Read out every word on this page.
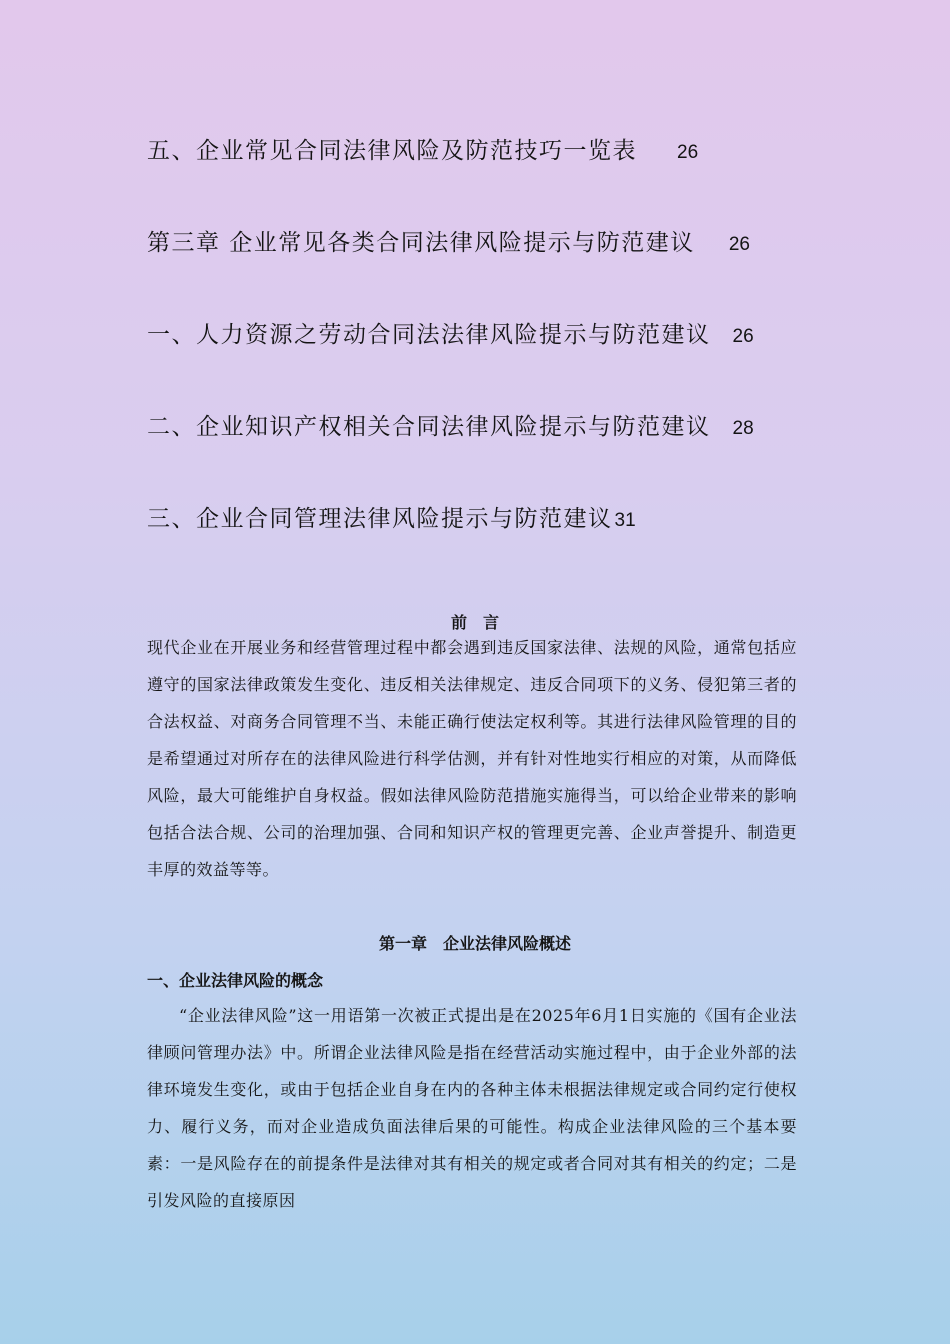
五、企业常见合同法律风险及防范技巧一览表 26
第三章 企业常见各类合同法律风险提示与防范建议 26
一、人力资源之劳动合同法法律风险提示与防范建议 26
二、企业知识产权相关合同法律风险提示与防范建议 28
三、企业合同管理法律风险提示与防范建议 31
前　言
现代企业在开展业务和经营管理过程中都会遇到违反国家法律、法规的风险，通常包括应遵守的国家法律政策发生变化、违反相关法律规定、违反合同项下的义务、侵犯第三者的合法权益、对商务合同管理不当、未能正确行使法定权利等。其进行法律风险管理的目的是希望通过对所存在的法律风险进行科学估测，并有针对性地实行相应的对策，从而降低风险，最大可能维护自身权益。假如法律风险防范措施实施得当，可以给企业带来的影响包括合法合规、公司的治理加强、合同和知识产权的管理更完善、企业声誉提升、制造更丰厚的效益等等。
第一章　企业法律风险概述
一、企业法律风险的概念
“企业法律风险”这一用语第一次被正式提出是在2025年6月1日实施的《国有企业法律顾问管理办法》中。所谓企业法律风险是指在经营活动实施过程中，由于企业外部的法律环境发生变化，或由于包括企业自身在内的各种主体未根据法律规定或合同约定行使权力、履行义务，而对企业造成负面法律后果的可能性。构成企业法律风险的三个基本要素：一是风险存在的前提条件是法律对其有相关的规定或者合同对其有相关的约定；二是引发风险的直接原因
